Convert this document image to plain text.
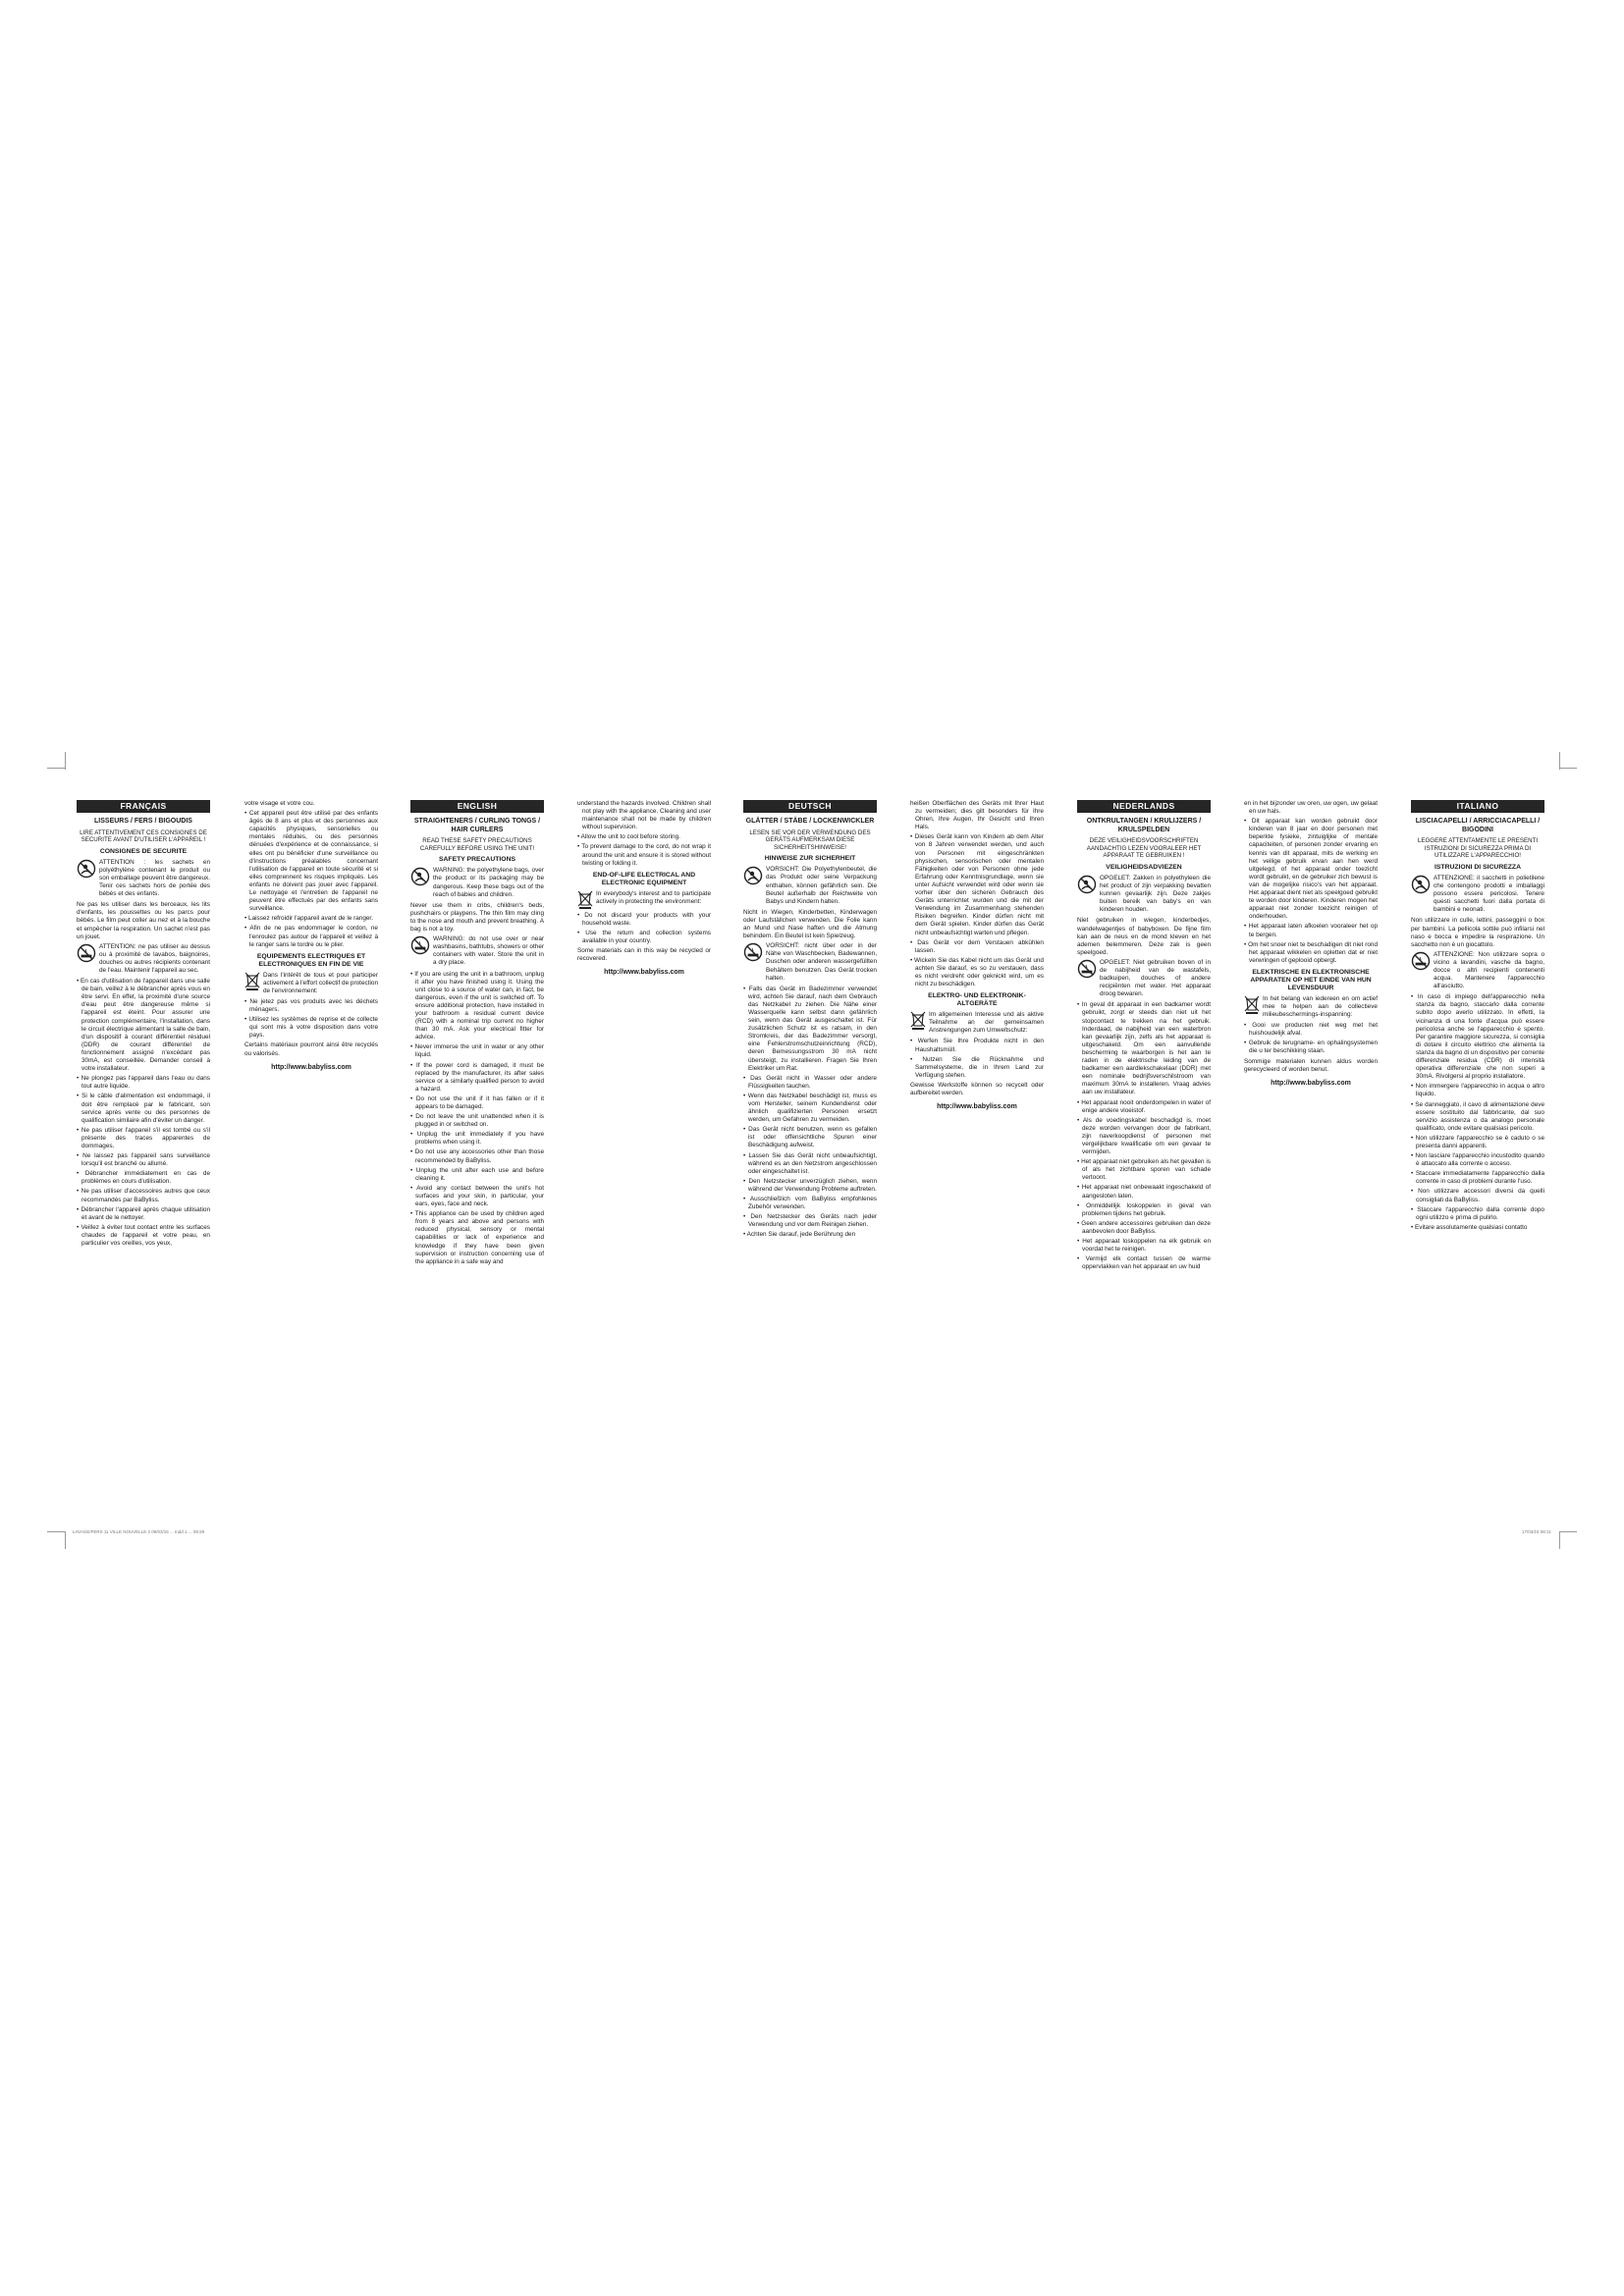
LAVAGE/FERS 11 VILLE NOUVELLE 2 09/03/15 ... Indd 1 ... 09:29	17/03/15 08:11
FRANÇAIS
LISSEURS / FERS / BIGOUDIS
LIRE ATTENTIVEMENT CES CONSIGNES DE SECURITE AVANT D'UTILISER L'APPAREIL !
CONSIGNES DE SECURITE
ATTENTION : les sachets en polyéthylène contenant le produit ou son emballage peuvent être dangereux. Tenir ces sachets hors de portée des bébés et des enfants.

Ne pas les utiliser dans les berceaux, les lits d'enfants, les poussettes ou les parcs pour bébés. Le film peut coller au nez et à la bouche et empêcher la respiration. Un sachet n'est pas un jouet.

ATTENTION: ne pas utiliser au dessus ou à proximité de lavabos, baignoires, douches ou autres récipients contenant de l'eau. Maintenir l'appareil au sec.
• En cas d'utilisation de l'appareil dans une salle de bain, veillez à le débrancher après vous en être servi. En effet, la proximité d'une source d'eau peut être dangereuse même si l'appareil est éteint. Pour assurer une protection complémentaire, l'installation, dans le circuit électrique alimentant la salle de bain, d'un dispositif à courant différentiel résiduel (DDR) de courant différentiel de fonctionnement assigné n'excédant pas 30mA, est conseillée. Demander conseil à votre installateur.
• Ne plongez pas l'appareil dans l'eau ou dans tout autre liquide.
• Si le câble d'alimentation est endommagé, il doit être remplacé par le fabricant, son service après vente ou des personnes de qualification similaire afin d'éviter un danger.
• Ne pas utiliser l'appareil s'il est tombé ou s'il présente des traces apparentes de dommages.
• Ne laissez pas l'appareil sans surveillance lorsqu'il est branché ou allumé.
• Débrancher immédiatement en cas de problèmes en cours d'utilisation.
• Ne pas utiliser d'accessoires autres que ceux recommandés par BaByliss.
• Débrancher l'appareil après chaque utilisation et avant de le nettoyer.
• Veillez à éviter tout contact entre les surfaces chaudes de l'appareil et votre peau, en particulier vos oreilles, vos yeux,
votre visage et votre cou.
• Cet appareil peut être utilisé par des enfants âgés de 8 ans et plus et des personnes aux capacités physiques, sensorielles ou mentales réduites, ou des personnes dénuées d'expérience et de connaissance, si elles ont pu bénéficier d'une surveillance ou d'instructions préalables concernant l'utilisation de l'appareil en toute sécurité et si elles comprennent les risques impliqués. Les enfants ne doivent pas jouer avec l'appareil. Le nettoyage et l'entretien de l'appareil ne peuvent être effectués par des enfants sans surveillance.
• Laissez refroidir l'appareil avant de le ranger.
• Afin de ne pas endommager le cordon, ne l'enroulez pas autour de l'appareil et veillez à le ranger sans le tordre ou le plier.
EQUIPEMENTS ELECTRIQUES ET ELECTRONIQUES EN FIN DE VIE
Dans l'intérêt de tous et pour participer activement à l'effort collectif de protection de l'environnement:
• Ne jetez pas vos produits avec les déchets ménagers.
• Utilisez les systèmes de reprise et de collecte qui sont mis à votre disposition dans votre pays.

Certains matériaux pourront ainsi être recyclés ou valorisés.

http://www.babyliss.com
ENGLISH
STRAIGHTENERS / CURLING TONGS / HAIR CURLERS
READ THESE SAFETY PRECAUTIONS CAREFULLY BEFORE USING THE UNIT!
SAFETY PRECAUTIONS
WARNING: the polyethylene bags, over the product or its packaging may be dangerous. Keep these bags out of the reach of babies and children.

Never use them in cribs, children's beds, pushchairs or playpens. The thin film may cling to the nose and mouth and prevent breathing. A bag is not a toy.

WARNING: do not use over or near washbasins, bathtubs, showers or other containers with water. Store the unit in a dry place.
• If you are using the unit in a bathroom, unplug it after you have finished using it. Using the unit close to a source of water can, in fact, be dangerous, even if the unit is switched off. To ensure additional protection, have installed in your bathroom a residual current device (RCD) with a nominal trip current no higher than 30 mA. Ask your electrical fitter for advice.
• Never immerse the unit in water or any other liquid.
• If the power cord is damaged, it must be replaced by the manufacturer, its after sales service or a similarly qualified person to avoid a hazard.
• Do not use the unit if it has fallen or if it appears to be damaged.
• Do not leave the unit unattended when it is plugged in or switched on.
• Unplug the unit immediately if you have problems when using it.
• Do not use any accessories other than those recommended by BaByliss.
• Unplug the unit after each use and before cleaning it.
• Avoid any contact between the unit's hot surfaces and your skin, in particular, your ears, eyes, face and neck.
• This appliance can be used by children aged from 8 years and above and persons with reduced physical, sensory or mental capabilities or lack of experience and knowledge if they have been given supervision or instruction concerning use of the appliance in a safe way and
understand the hazards involved. Children shall not play with the appliance. Cleaning and user maintenance shall not be made by children without supervision.
• Allow the unit to cool before storing.
• To prevent damage to the cord, do not wrap it around the unit and ensure it is stored without twisting or folding it.
END-OF-LIFE ELECTRICAL AND ELECTRONIC EQUIPMENT
In everybody's interest and to participate actively in protecting the environment:
• Do not discard your products with your household waste.
• Use the return and collection systems available in your country.

Some materials can in this way be recycled or recovered.

http://www.babyliss.com
DEUTSCH
GLÄTTER / STÄBE / LOCKENWICKLER
LESEN SIE VOR DER VERWENDUNG DES GERÄTS AUFMERKSAM DIESE SICHERHEITSHINWEISE!
HINWEISE ZUR SICHERHEIT
VORSICHT: Die Polyethylenbeutel, die das Produkt oder seine Verpackung enthalten, können gefährlich sein. Die Beutel außerhalb der Reichweite von Babys und Kindern halten.

Nicht in Wiegen, Kinderbetten, Kinderwagen oder Laufställchen verwenden. Die Folie kann an Mund und Nase haften und die Atmung behindern. Ein Beutel ist kein Spielzeug.

VORSICHT: nicht über oder in der Nähe von Waschbecken, Badewannen, Duschen oder anderen wassergefüllten Behältern benutzen. Das Gerät trocken halten.
• Falls das Gerät im Badezimmer verwendet wird, achten Sie darauf, nach dem Gebrauch das Netzkabel zu ziehen. Die Nähe einer Wasserquelle kann selbst dann gefährlich sein, wenn das Gerät ausgeschaltet ist. Für zusätzlichen Schutz ist es ratsam, in den Stromkreis, der das Badezimmer versorgt, eine Fehlerstromschutzeinrichtung (RCD), deren Bemessungsstrom 30 mA nicht übersteigt, zu installieren. Fragen Sie Ihren Elektriker um Rat.
• Das Gerät nicht in Wasser oder andere Flüssigkeiten tauchen.
• Wenn das Netzkabel beschädigt ist, muss es vom Hersteller, seinem Kundendienst oder ähnlich qualifizierten Personen ersetzt werden, um Gefahren zu vermeiden.
• Das Gerät nicht benutzen, wenn es gefallen ist oder offensichtliche Spuren einer Beschädigung aufweist.
• Lassen Sie das Gerät nicht unbeaufsichtigt, während es an den Netzstrom angeschlossen oder eingeschaltet ist.
• Den Netzstecker unverzüglich ziehen, wenn während der Verwendung Probleme auftreten.
• Ausschließlich vom BaByliss empfohlenes Zubehör verwenden.
• Den Netzstecker des Geräts nach jeder Verwendung und vor dem Reinigen ziehen.
• Achten Sie darauf, jede Berührung den
heißen Oberflächen des Geräts mit Ihrer Haut zu vermeiden; dies gilt besonders für Ihre Ohren, Ihre Augen, Ihr Gesicht und Ihren Hals.
• Dieses Gerät kann von Kindern ab dem Alter von 8 Jahren verwendet werden, und auch von Personen mit eingeschränkten physischen, sensorischen oder mentalen Fähigkeiten oder von Personen ohne jede Erfahrung oder Kenntnisgrundlage, wenn sie unter Aufsicht verwendet wird oder wenn sie vorher über den sicheren Gebrauch des Geräts unterrichtet wurden und die mit der Verwendung im Zusammenhang stehenden Risiken begreifen. Kinder dürfen nicht mit dem Gerät spielen. Kinder dürfen das Gerät nicht unbeaufsichtigt warten und pflegen.
• Das Gerät vor dem Verstauen abkühlen lassen.
• Wickeln Sie das Kabel nicht um das Gerät und achten Sie darauf, es so zu verstauen, dass es nicht verdreht oder geknickt wird, um es nicht zu beschädigen.
ELEKTRO- UND ELEKTRONIK-ALTGERÄTE
Im allgemeinen Interesse und als aktive Teilnahme an der gemeinsamen Anstrengungen zum Umweltschutz:
• Werfen Sie Ihre Produkte nicht in den Haushaltsmüll.
• Nutzen Sie die Rücknahme und Sammelsysteme, die in Ihrem Land zur Verfügung stehen.

Gewisse Werkstoffe können so recycelt oder aufbereitet werden.

http://www.babyliss.com
NEDERLANDS
ONTKRULTANGEN / KRULIJZERS / KRULSPELDEN
DEZE VEILIGHEIDSVOORSCHRIFTEN AANDACHTIG LEZEN VOORALEER HET APPARAAT TE GEBRUIKEN !
VEILIGHEIDSADVIEZEN
OPGELET: Zakken in polyethyleen die het product of zijn verpakking bevatten kunnen gevaarlijk zijn. Deze zakjes buiten bereik van baby's en van kinderen houden.

Niet gebruiken in wiegen, kinderbedjes, wandelwagentjes of babyboxen. De fijne film kan aan de neus en de mond kleven en het ademen belemmeren. Deze zak is geen speelgoed.

OPGELET: Niet gebruiken boven of in de nabijheid van de wastafels, badkuipen, douches of andere recipiënten met water. Het apparaat droog bewaren.
• In geval dit apparaat in een badkamer wordt gebruikt, zorgt er steeds dan niet uit het stopcontact te trekken na het gebruik. Inderdaad, de nabijheid van een waterbron kan gevaarlijk zijn, zelfs als het apparaat is uitgeschakeld. Om een aanvullende bescherming te waarborgen is het aan te raden in de elektrische leiding van de badkamer een aardlekschakelaar (DDR) met een nominale bedrijfsverschilstroom van maximum 30mA te installeren. Vraag advies aan uw installateur.
• Het apparaat nooit onderdompelen in water of enige andere vloeistof.
• Als de voedingskabel beschadigd is, moet deze worden vervangen door de fabrikant, zijn naverkoopdienst of personen met vergelijkbare kwalificatie om een gevaar te vermijden.
• Het apparaat niet gebruiken als het gevallen is of als het zichtbare sporen van schade vertoont.
• Het apparaat niet onbewaakt ingeschakeld of aangesloten laten.
• Onmiddellijk loskoppelen in geval van problemen tijdens het gebruik.
• Geen andere accessoires gebruiken dan deze aanbevolen door BaByliss.
• Het apparaat loskoppelen na elk gebruik en voordat het te reinigen.
• Vermijd elk contact tussen de warme oppervlakken van het apparaat en uw huid
en in het bijzonder uw oren, uw ogen, uw gelaat en uw hals.
• Dit apparaat kan worden gebruikt door kinderen van 8 jaar en door personen met beperkte fysieke, zintuiglijke of mentale capaciteiten, of personen zonder ervaring en kennis van dit apparaat, mits de werking en het veilige gebruik ervan aan hen werd uitgelegd, of het apparaat onder toezicht wordt gebruikt, en de gebruiker zich bewust is van de mogelijke risico's van het apparaat. Het apparaat dient niet als speelgoed gebruikt te worden door kinderen. Kinderen mogen het apparaat niet zonder toezicht reinigen of onderhouden.
• Het apparaat laten afkoelen vooraleer het op te bergen.
• Om het snoer niet te beschadigen dit niet rond het apparaat wikkelen en opletten dat er niet verwringen of geplooid opbergt.
ELEKTRISCHE EN ELEKTRONISCHE APPARATEN OP HET EINDE VAN HUN LEVENSDUUR
In het belang van iedereen en om actief mee te helpen aan de collectieve milieubeschermings-inspanning:
• Gooi uw producten niet weg met het huishoudelijk afval.
• Gebruik de terugname- en ophalingsystemen die u ter beschikking staan.

Sommige materialen kunnen aldus worden gerecycleerd of worden benut.

http://www.babyliss.com
ITALIANO
LISCIACAPELLI / ARRICCIACAPELLI / BIGODINI
LEGGERE ATTENTAMENTE LE PRESENTI ISTRUZIONI DI SICUREZZA PRIMA DI UTILIZZARE L'APPARECCHIO!
ISTRUZIONI DI SICUREZZA
ATTENZIONE: il sacchetti in polietilene che contengono prodotti e imballaggi possono essere pericolosi. Tenere questi sacchetti fuori dalla portata di bambini e neonati.

Non utilizzare in culle, lettini, passeggini o box per bambini. La pellicola sottile può infilarsi nel naso e bocca e impedire la respirazione. Un sacchetto non è un giocattolo.

ATTENZIONE: Non utilizzare sopra o vicino a lavandini, vasche da bagno, docce o altri recipienti contenenti acqua. Mantenere l'apparecchio all'asciutto.
• In caso di impiego dell'apparecchio nella stanza da bagno, staccarlo dalla corrente subito dopo averlo utilizzato. In effetti, la vicinanza di una fonte d'acqua può essere pericolosa anche se l'apparecchio è spento. Per garantire maggiore sicurezza, si consiglia di dotare il circuito elettrico che alimenta la stanza da bagno di un dispositivo per corrente differenziale residua (CDR) di intensità operativa differenziale che non superi a 30mA. Rivolgersi al proprio installatore.
• Non immergere l'apparecchio in acqua o altro liquido.
• Se danneggiato, il cavo di alimentazione deve essere sostituito dal fabbricante, dal suo servizio assistenza o da analogo personale qualificato, onde evitare qualsiasi pericolo.
• Non utilizzare l'apparecchio se è caduto o se presenta danni apparenti.
• Non lasciare l'apparecchio incustodito quando è attaccato alla corrente o acceso.
• Staccare immediatamente l'apparecchio dalla corrente in caso di problemi durante l'uso.
• Non utilizzare accessori diversi da quelli consigliati da BaByliss.
• Staccare l'apparecchio dalla corrente dopo ogni utilizzo e prima di pulirlo.
• Evitare assolutamente qualsiasi contatto
